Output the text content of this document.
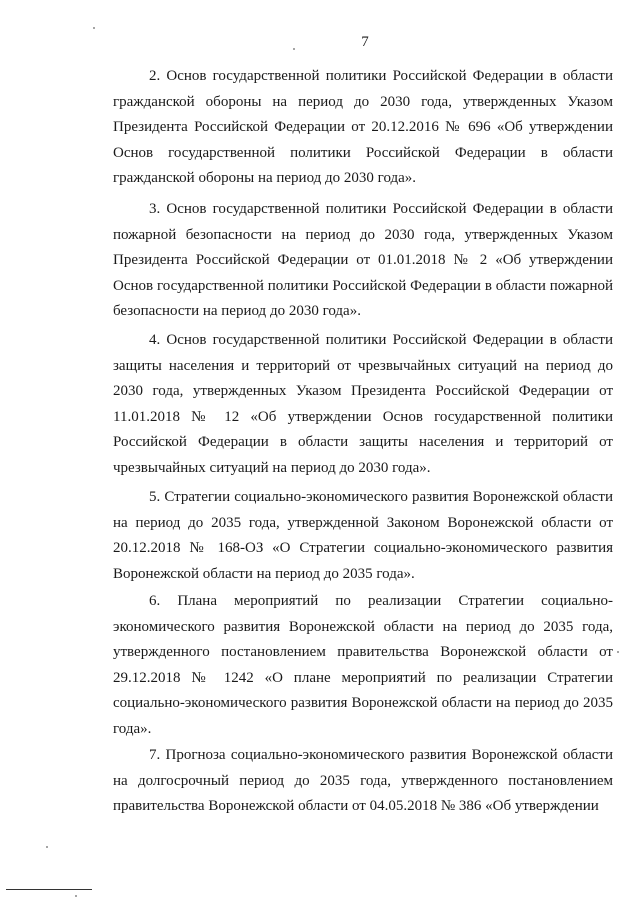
7

2. Основ государственной политики Российской Федерации в области гражданской обороны на период до 2030 года, утвержденных Указом Президента Российской Федерации от 20.12.2016 № 696 «Об утверждении Основ государственной политики Российской Федерации в области гражданской обороны на период до 2030 года».

3. Основ государственной политики Российской Федерации в области пожарной безопасности на период до 2030 года, утвержденных Указом Президента Российской Федерации от 01.01.2018 № 2 «Об утверждении Основ государственной политики Российской Федерации в области пожарной безопасности на период до 2030 года».

4. Основ государственной политики Российской Федерации в области защиты населения и территорий от чрезвычайных ситуаций на период до 2030 года, утвержденных Указом Президента Российской Федерации от 11.01.2018 № 12 «Об утверждении Основ государственной политики Российской Федерации в области защиты населения и территорий от чрезвычайных ситуаций на период до 2030 года».

5. Стратегии социально-экономического развития Воронежской области на период до 2035 года, утвержденной Законом Воронежской области от 20.12.2018 № 168-ОЗ «О Стратегии социально-экономического развития Воронежской области на период до 2035 года».

6. Плана мероприятий по реализации Стратегии социально-экономического развития Воронежской области на период до 2035 года, утвержденного постановлением правительства Воронежской области от 29.12.2018 № 1242 «О плане мероприятий по реализации Стратегии социально-экономического развития Воронежской области на период до 2035 года».

7. Прогноза социально-экономического развития Воронежской области на долгосрочный период до 2035 года, утвержденного постановлением правительства Воронежской области от 04.05.2018 № 386 «Об утверждении
